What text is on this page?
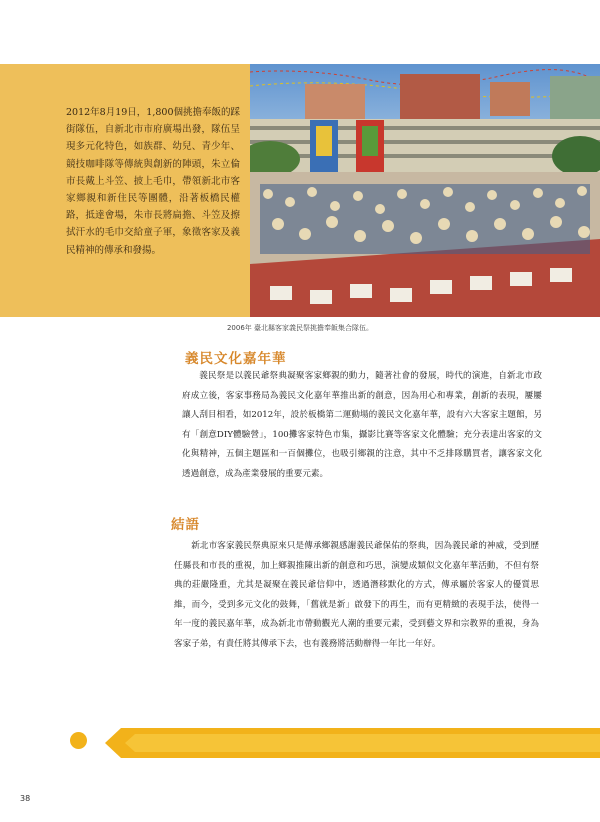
2012年8月19日，1,800個挑擔奉飯的踩街隊伍，自新北市市府廣場出發，隊伍呈現多元化特色，如族群、幼兒、青少年、競技咖啡隊等傳統與創新的陣頭，朱立倫市長戴上斗笠、披上毛巾，帶領新北市客家鄉親和新住民等團體，沿著板橋民權路，抵達會場，朱市長將扁擔、斗笠及擦拭汗水的毛巾交給童子軍，象徵客家及義民精神的傳承和發揚。

2006年 臺北縣客家義民祭挑擔奉飯集合隊伍。

義民文化嘉年華

義民祭是以義民爺祭典凝聚客家鄉親的動力，隨著社會的發展，時代的演進，自新北市政府成立後，客家事務局為義民文化嘉年華推出新的創意，因為用心和專業，創新的表現，屢屢讓人刮目相看，如2012年，設於板橋第二運動場的義民文化嘉年華，設有六大客家主題館，另有「創意DIY體驗營」，100攤客家特色市集，攝影比賽等客家文化體驗；充分表達出客家的文化與精神，五個主題區和一百個攤位，也吸引鄉親的注意，其中不乏排隊購買者，讓客家文化透過創意，成為產業發展的重要元素。

結語

新北市客家義民祭典原來只是傳承鄉親感謝義民爺保佑的祭典，因為義民爺的神威，受到歷任縣長和市長的重視，加上鄉親推陳出新的創意和巧思，演變成類似文化嘉年華活動，不但有祭典的莊嚴隆重，尤其是凝聚在義民爺信仰中，透過潛移默化的方式，傳承屬於客家人的優質思維，而今，受到多元文化的鼓舞，「舊就是新」啟發下的再生，而有更精緻的表現手法，使得一年一度的義民嘉年華，成為新北市帶動觀光人潮的重要元素，受到藝文界和宗教界的重視，身為客家子弟，有責任將其傳承下去，也有義務將活動辦得一年比一年好。

38
